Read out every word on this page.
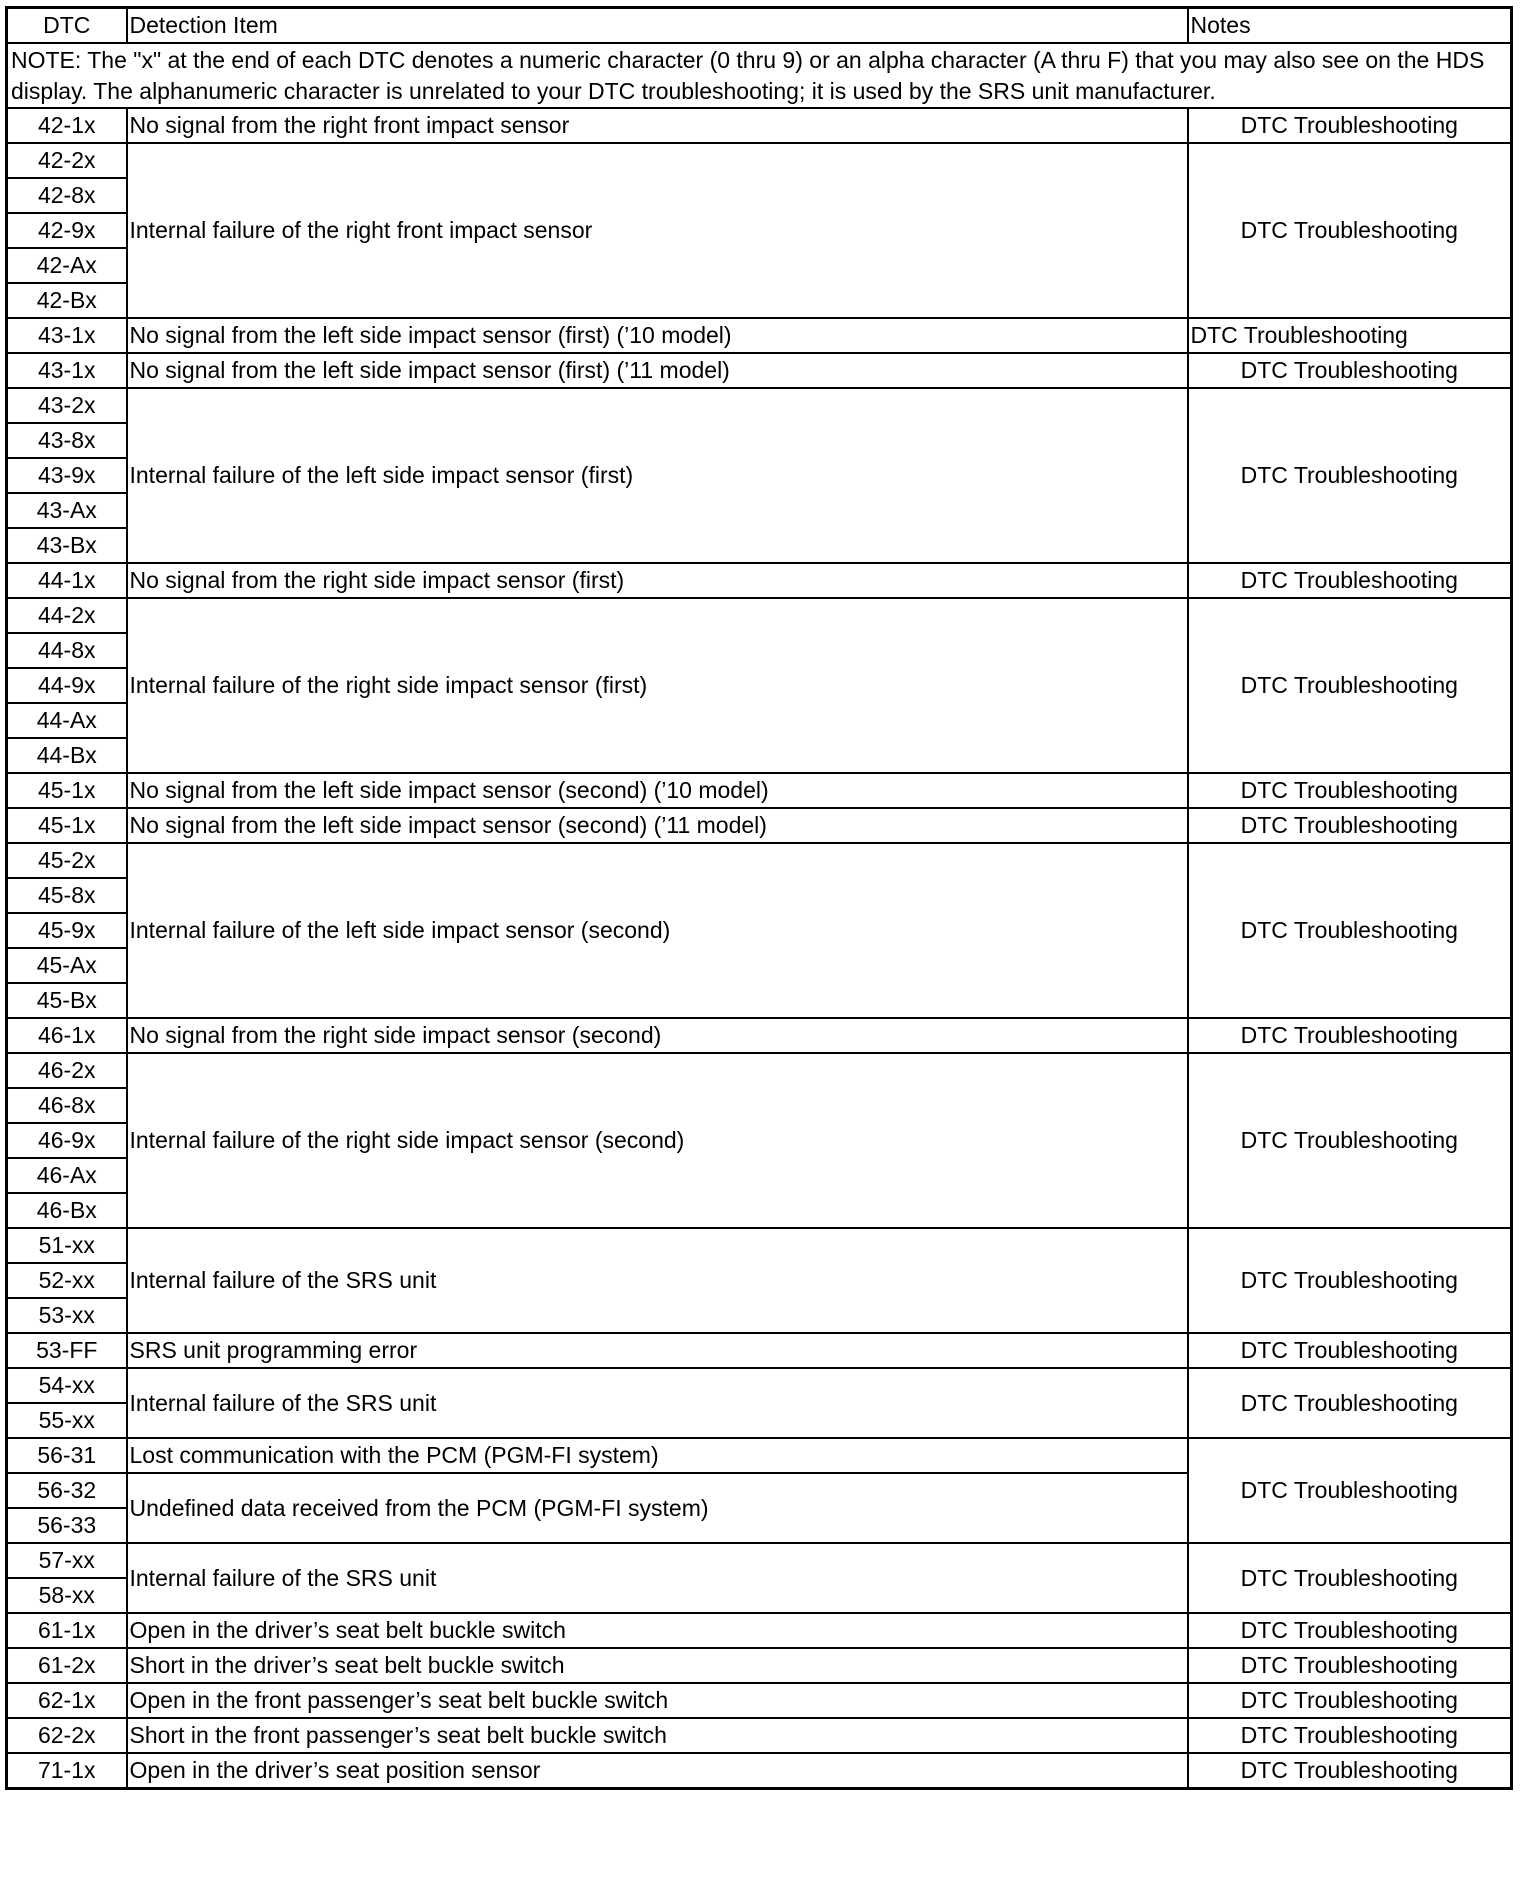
DTC	Detection Item	Notes
NOTE: The "x" at the end of each DTC denotes a numeric character (0 thru 9) or an alpha character (A thru F) that you may also see on the HDS display. The alphanumeric character is unrelated to your DTC troubleshooting; it is used by the SRS unit manufacturer.		
42-1x	No signal from the right front impact sensor	DTC Troubleshooting
42-2x	Internal failure of the right front impact sensor	DTC Troubleshooting
42-8x		
42-9x		
42-Ax		
42-Bx		
43-1x	No signal from the left side impact sensor (first) (’10 model)	DTC Troubleshooting
43-1x	No signal from the left side impact sensor (first) (’11 model)	DTC Troubleshooting
43-2x	Internal failure of the left side impact sensor (first)	DTC Troubleshooting
43-8x		
43-9x		
43-Ax		
43-Bx		
44-1x	No signal from the right side impact sensor (first)	DTC Troubleshooting
44-2x	Internal failure of the right side impact sensor (first)	DTC Troubleshooting
44-8x		
44-9x		
44-Ax		
44-Bx		
45-1x	No signal from the left side impact sensor (second) (’10 model)	DTC Troubleshooting
45-1x	No signal from the left side impact sensor (second) (’11 model)	DTC Troubleshooting
45-2x	Internal failure of the left side impact sensor (second)	DTC Troubleshooting
45-8x		
45-9x		
45-Ax		
45-Bx		
46-1x	No signal from the right side impact sensor (second)	DTC Troubleshooting
46-2x	Internal failure of the right side impact sensor (second)	DTC Troubleshooting
46-8x		
46-9x		
46-Ax		
46-Bx		
51-xx	Internal failure of the SRS unit	DTC Troubleshooting
52-xx		
53-xx		
53-FF	SRS unit programming error	DTC Troubleshooting
54-xx	Internal failure of the SRS unit	DTC Troubleshooting
55-xx		
56-31	Lost communication with the PCM (PGM-FI system)	DTC Troubleshooting
56-32	Undefined data received from the PCM (PGM-FI system)	
56-33		
57-xx	Internal failure of the SRS unit	DTC Troubleshooting
58-xx		
61-1x	Open in the driver’s seat belt buckle switch	DTC Troubleshooting
61-2x	Short in the driver’s seat belt buckle switch	DTC Troubleshooting
62-1x	Open in the front passenger’s seat belt buckle switch	DTC Troubleshooting
62-2x	Short in the front passenger’s seat belt buckle switch	DTC Troubleshooting
71-1x	Open in the driver’s seat position sensor	DTC Troubleshooting
